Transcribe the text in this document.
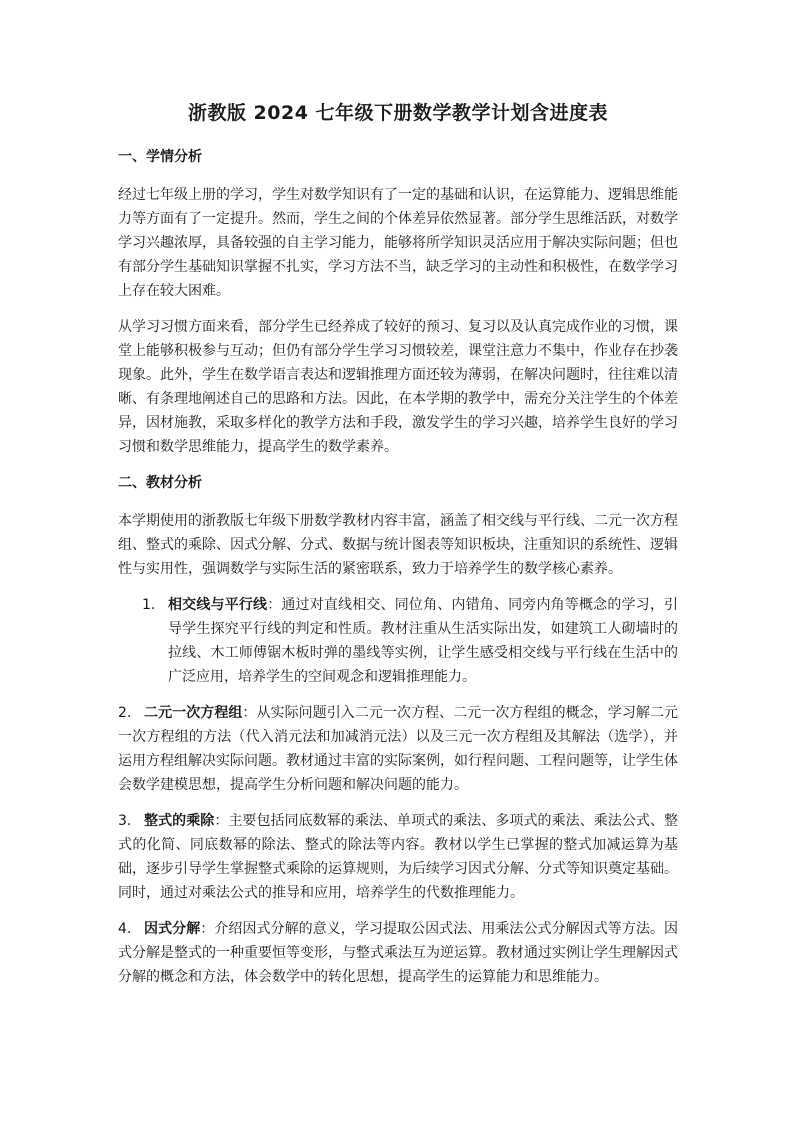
浙教版 2024 七年级下册数学教学计划含进度表
一、学情分析

经过七年级上册的学习，学生对数学知识有了一定的基础和认识，在运算能力、逻辑思维能力等方面有了一定提升。然而，学生之间的个体差异依然显著。部分学生思维活跃，对数学学习兴趣浓厚，具备较强的自主学习能力，能够将所学知识灵活应用于解决实际问题；但也有部分学生基础知识掌握不扎实，学习方法不当，缺乏学习的主动性和积极性，在数学学习上存在较大困难。

从学习习惯方面来看，部分学生已经养成了较好的预习、复习以及认真完成作业的习惯，课堂上能够积极参与互动；但仍有部分学生学习习惯较差，课堂注意力不集中，作业存在抄袭现象。此外，学生在数学语言表达和逻辑推理方面还较为薄弱，在解决问题时，往往难以清晰、有条理地阐述自己的思路和方法。因此，在本学期的教学中，需充分关注学生的个体差异，因材施教，采取多样化的教学方法和手段，激发学生的学习兴趣，培养学生良好的学习习惯和数学思维能力，提高学生的数学素养。

二、教材分析

本学期使用的浙教版七年级下册数学教材内容丰富，涵盖了相交线与平行线、二元一次方程组、整式的乘除、因式分解、分式、数据与统计图表等知识板块，注重知识的系统性、逻辑性与实用性，强调数学与实际生活的紧密联系，致力于培养学生的数学核心素养。

1. 相交线与平行线：通过对直线相交、同位角、内错角、同旁内角等概念的学习，引导学生探究平行线的判定和性质。教材注重从生活实际出发，如建筑工人砌墙时的拉线、木工师傅锯木板时弹的墨线等实例，让学生感受相交线与平行线在生活中的广泛应用，培养学生的空间观念和逻辑推理能力。

2. 二元一次方程组：从实际问题引入二元一次方程、二元一次方程组的概念，学习解二元一次方程组的方法（代入消元法和加减消元法）以及三元一次方程组及其解法（选学），并运用方程组解决实际问题。教材通过丰富的实际案例，如行程问题、工程问题等，让学生体会数学建模思想，提高学生分析问题和解决问题的能力。

3. 整式的乘除：主要包括同底数幂的乘法、单项式的乘法、多项式的乘法、乘法公式、整式的化简、同底数幂的除法、整式的除法等内容。教材以学生已掌握的整式加减运算为基础，逐步引导学生掌握整式乘除的运算规则，为后续学习因式分解、分式等知识奠定基础。同时，通过对乘法公式的推导和应用，培养学生的代数推理能力。

4. 因式分解：介绍因式分解的意义，学习提取公因式法、用乘法公式分解因式等方法。因式分解是整式的一种重要恒等变形，与整式乘法互为逆运算。教材通过实例让学生理解因式分解的概念和方法，体会数学中的转化思想，提高学生的运算能力和思维能力。
